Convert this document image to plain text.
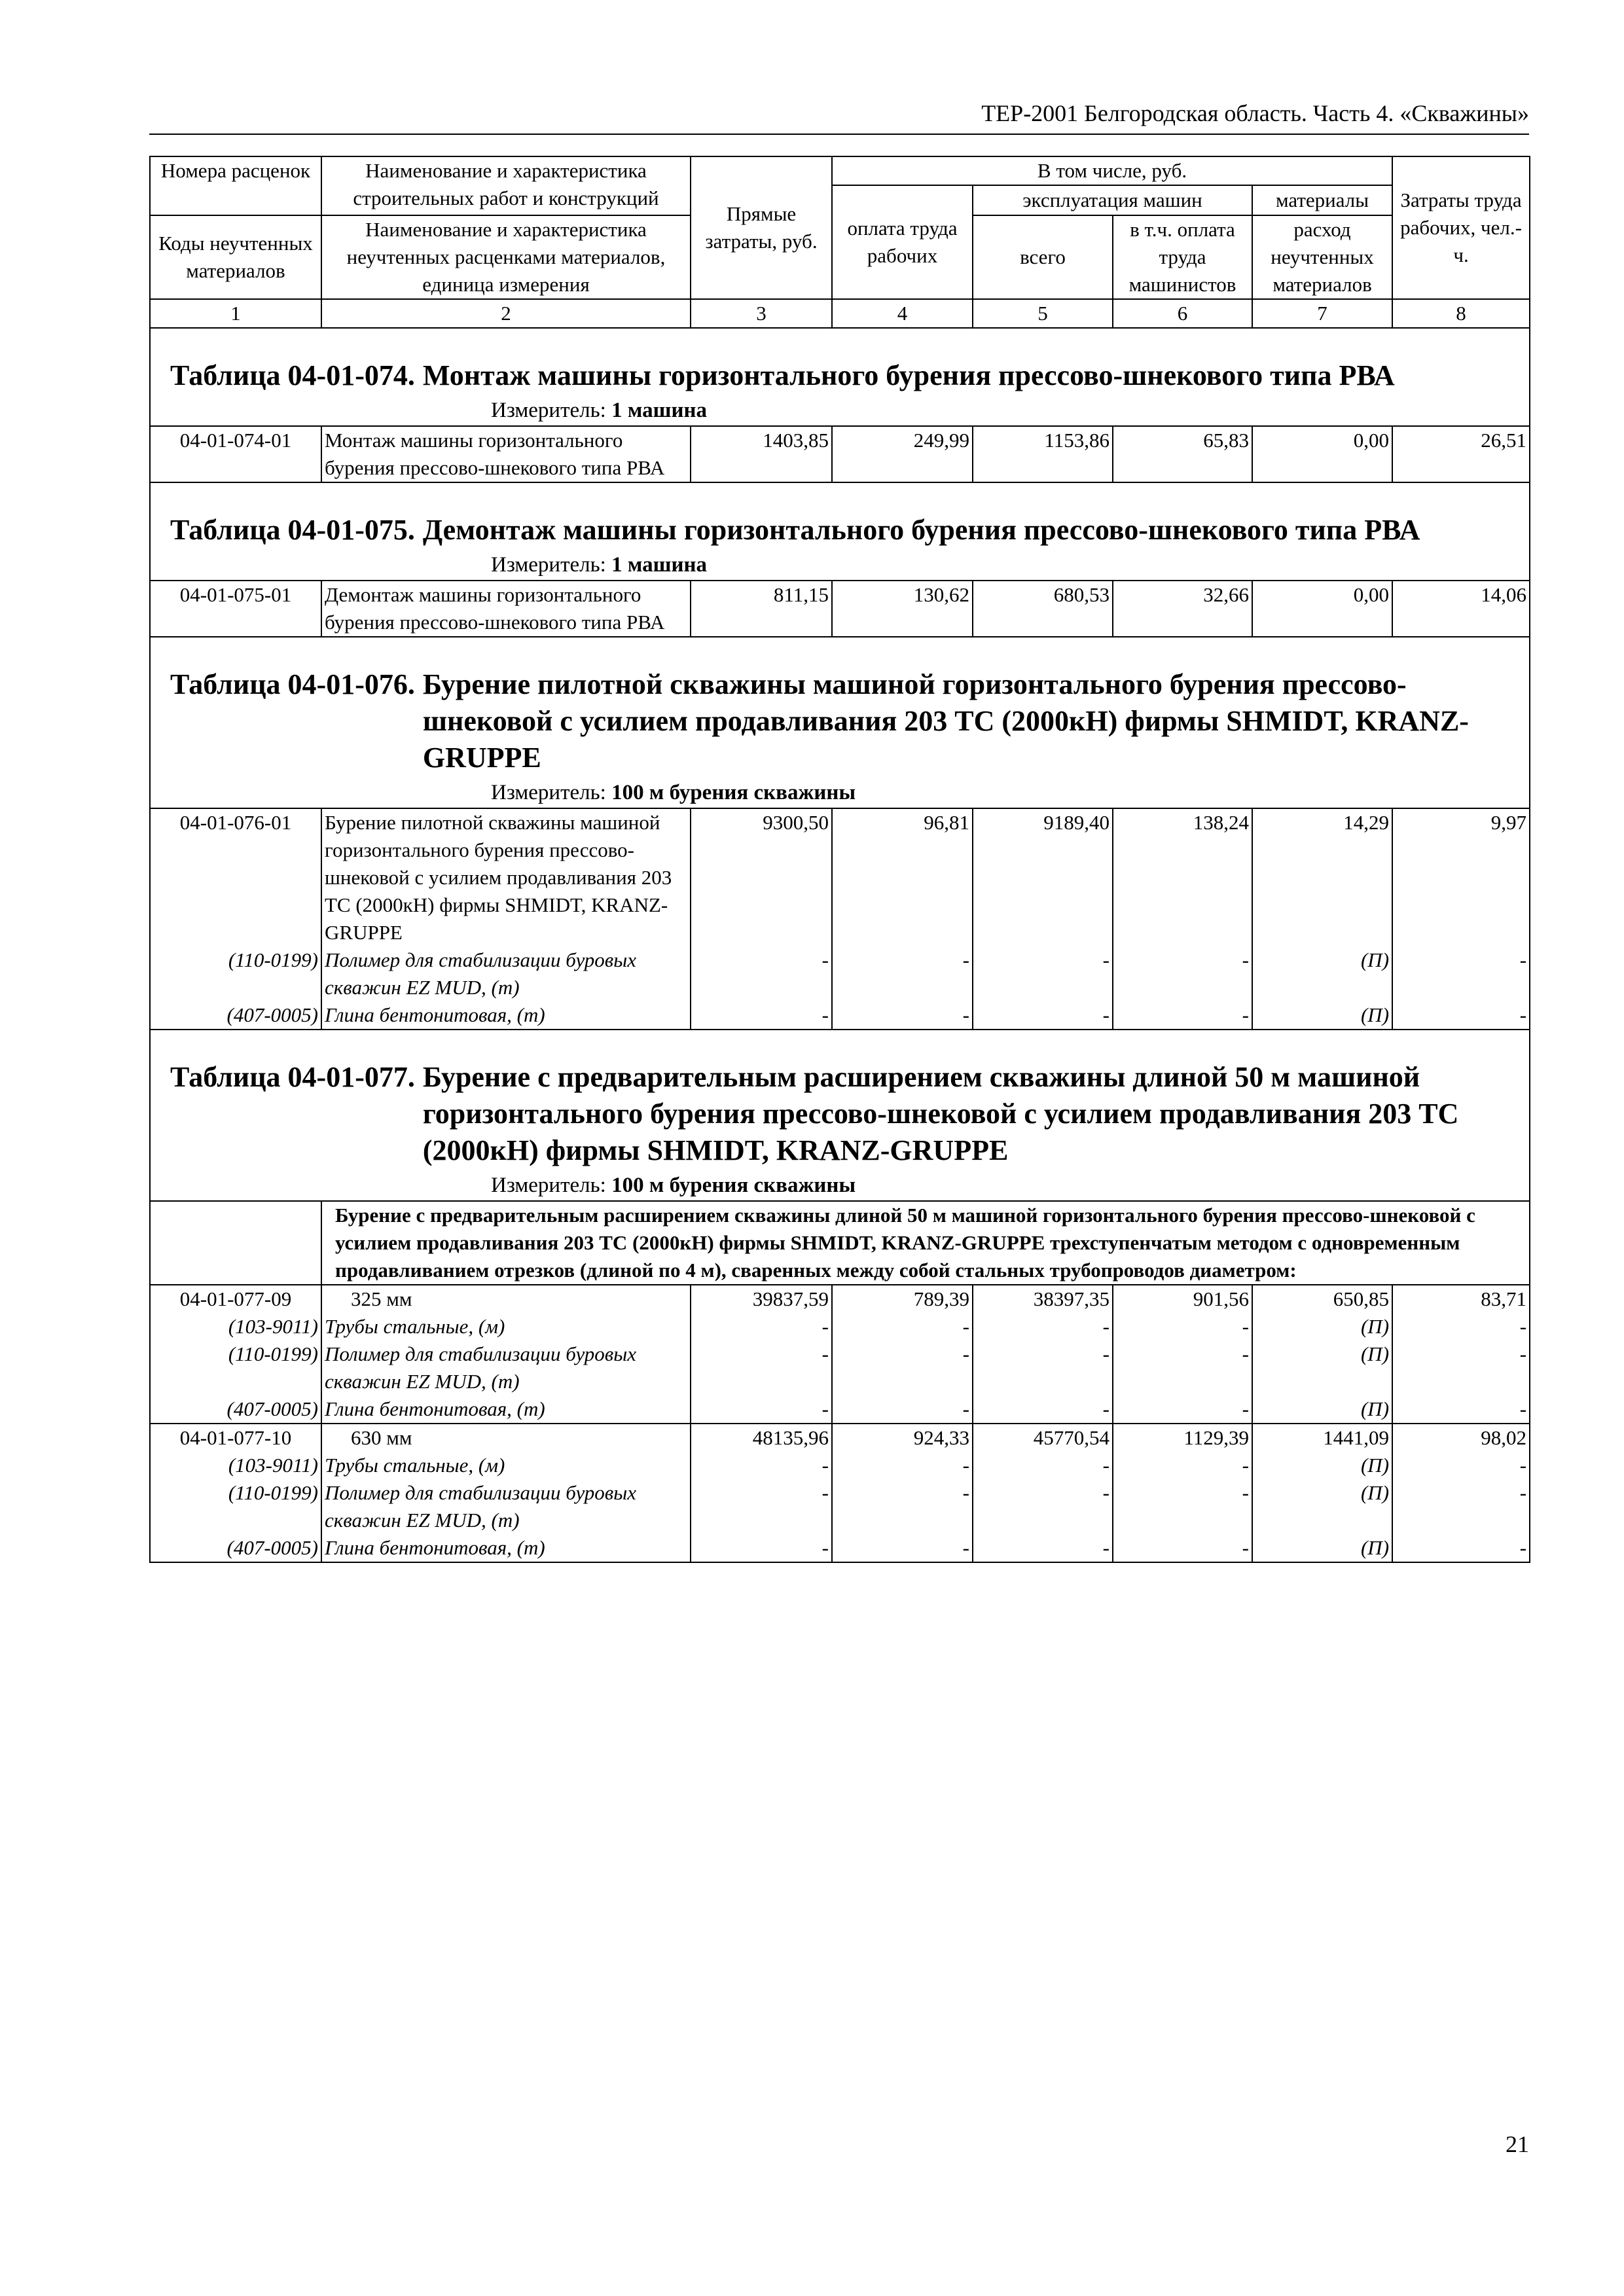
ТЕР-2001 Белгородская область. Часть 4. «Скважины»
Номера расценок	Наименование и характеристика строительных работ и конструкций	Прямые затраты, руб.	В том числе, руб.				Затраты труда рабочих, чел.-ч.
			оплата труда рабочих	эксплуатация машин		материалы	
Коды неучтенных материалов	Наименование и характеристика неучтенных расценками материалов, единица измерения			всего	в т.ч. оплата труда машинистов	расход неучтенных материалов	

1	2	3	4	5	6	7	8

Таблица 04-01-074. Монтаж машины горизонтального бурения прессово-шнекового типа РВА
Измеритель: 1 машина							

04-01-074-01	Монтаж машины горизонтального бурения прессово-шнекового типа РВА	1403,85	249,99	1153,86	65,83	0,00	26,51

Таблица 04-01-075. Демонтаж машины горизонтального бурения прессово-шнекового типа РВА
Измеритель: 1 машина							

04-01-075-01	Демонтаж машины горизонтального бурения прессово-шнекового типа РВА	811,15	130,62	680,53	32,66	0,00	14,06

Таблица 04-01-076. Бурение пилотной скважины машиной горизонтального бурения прессово-шнековой с усилием продавливания 203 ТС (2000кН) фирмы SHMIDT, KRANZ-GRUPPE
Измеритель: 100 м бурения скважины							

04-01-076-01	Бурение пилотной скважины машиной горизонтального бурения прессово-шнековой с усилием продавливания 203 ТС (2000кН) фирмы SHMIDT, KRANZ-GRUPPE	9300,50	96,81	9189,40	138,24	14,29	9,97
(110-0199)	Полимер для стабилизации буровых скважин EZ MUD, (т)	-	-	-	-	(П)	-
(407-0005)	Глина бентонитовая, (т)	-	-	-	-	(П)	-

Таблица 04-01-077. Бурение с предварительным расширением скважины длиной 50 м машиной горизонтального бурения прессово-шнековой с усилием продавливания 203 ТС (2000кН) фирмы SHMIDT, KRANZ-GRUPPE
Измеритель: 100 м бурения скважины							

	Бурение с предварительным расширением скважины длиной 50 м машиной горизонтального бурения прессово-шнековой с усилием продавливания 203 ТС (2000кН) фирмы SHMIDT, KRANZ-GRUPPE трехступенчатым методом с одновременным продавливанием отрезков (длиной по 4 м), сваренных между собой стальных трубопроводов диаметром:						
04-01-077-09	325 мм	39837,59	789,39	38397,35	901,56	650,85	83,71
(103-9011)	Трубы стальные, (м)	-	-	-	-	(П)	-
(110-0199)	Полимер для стабилизации буровых скважин EZ MUD, (т)	-	-	-	-	(П)	-
(407-0005)	Глина бентонитовая, (т)	-	-	-	-	(П)	-
04-01-077-10	630 мм	48135,96	924,33	45770,54	1129,39	1441,09	98,02
(103-9011)	Трубы стальные, (м)	-	-	-	-	(П)	-
(110-0199)	Полимер для стабилизации буровых скважин EZ MUD, (т)	-	-	-	-	(П)	-
(407-0005)	Глина бентонитовая, (т)	-	-	-	-	(П)	-
21
